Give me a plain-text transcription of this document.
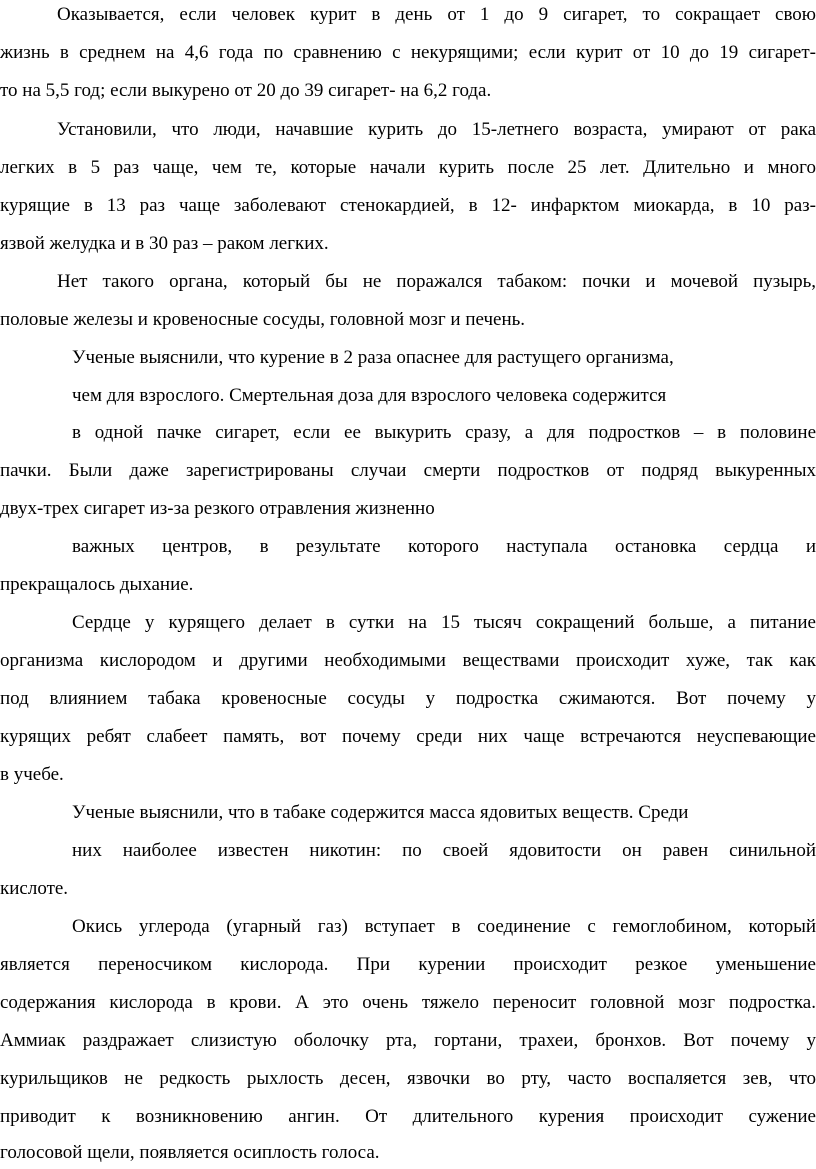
Оказывается, если человек курит в день от 1 до 9 сигарет, то сокращает свою
жизнь в среднем на 4,6 года по сравнению с некурящими; если курит от 10 до 19 сигарет-
то на 5,5 год; если выкурено от 20 до 39 сигарет- на 6,2 года.
Установили, что люди, начавшие курить до 15-летнего возраста, умирают от рака
легких в 5 раз чаще, чем те, которые начали курить после 25 лет. Длительно и много
курящие в 13 раз чаще заболевают стенокардией, в 12- инфарктом миокарда, в 10 раз-
язвой желудка и в 30 раз – раком легких.
Нет такого органа, который бы не поражался табаком: почки и мочевой пузырь,
половые железы и кровеносные сосуды, головной мозг и печень.
Ученые выяснили, что курение в 2 раза опаснее для растущего организма,
чем для взрослого. Смертельная доза для взрослого человека содержится
в одной пачке сигарет, если ее выкурить сразу, а для подростков – в половине
пачки. Были даже зарегистрированы случаи смерти подростков от подряд выкуренных
двух-трех сигарет из-за резкого отравления жизненно
важных центров, в результате которого наступала остановка сердца и
прекращалось дыхание.
Сердце у курящего делает в сутки на 15 тысяч сокращений больше, а питание
организма кислородом и другими необходимыми веществами происходит хуже, так как
под влиянием табака кровеносные сосуды у подростка сжимаются. Вот почему у
курящих ребят слабеет память, вот почему среди них чаще встречаются неуспевающие
в учебе.
Ученые выяснили, что в табаке содержится масса ядовитых веществ. Среди
них наиболее известен никотин: по своей ядовитости он равен синильной
кислоте.
Окись углерода (угарный газ) вступает в соединение с гемоглобином, который
является переносчиком кислорода. При курении происходит резкое уменьшение
содержания кислорода в крови. А это очень тяжело переносит головной мозг подростка.
Аммиак раздражает слизистую оболочку рта, гортани, трахеи, бронхов. Вот почему у
курильщиков не редкость рыхлость десен, язвочки во рту, часто воспаляется зев, что
приводит к возникновению ангин. От длительного курения происходит сужение
голосовой щели, появляется осиплость голоса.
